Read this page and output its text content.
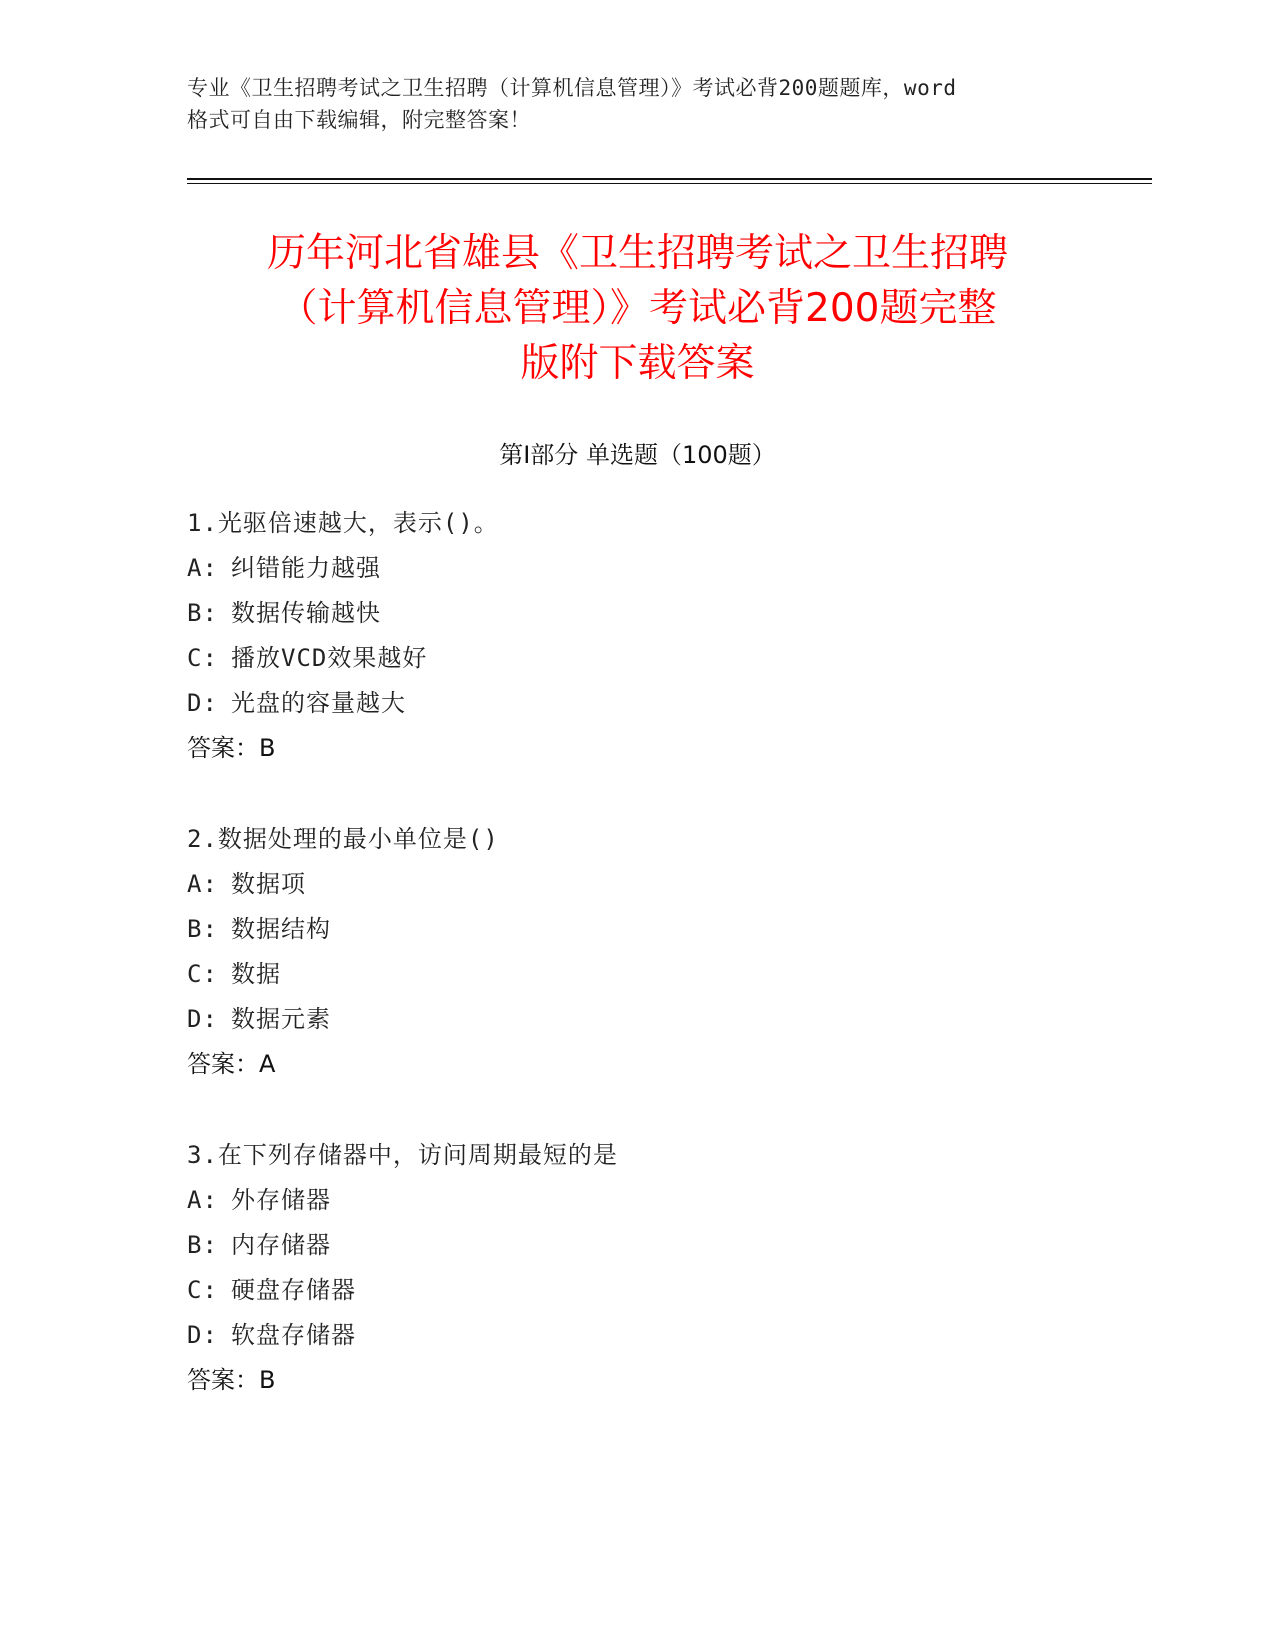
专业《卫生招聘考试之卫生招聘（计算机信息管理）》考试必背200题题库，word
格式可自由下载编辑，附完整答案！
历年河北省雄县《卫生招聘考试之卫生招聘
（计算机信息管理）》考试必背200题完整
版附下载答案
第Ⅰ部分 单选题（100题）
1.光驱倍速越大，表示()。
A: 纠错能力越强
B: 数据传输越快
C: 播放VCD效果越好
D: 光盘的容量越大
答案：B
2.数据处理的最小单位是()
A: 数据项
B: 数据结构
C: 数据
D: 数据元素
答案：A
3.在下列存储器中，访问周期最短的是
A: 外存储器
B: 内存储器
C: 硬盘存储器
D: 软盘存储器
答案：B
